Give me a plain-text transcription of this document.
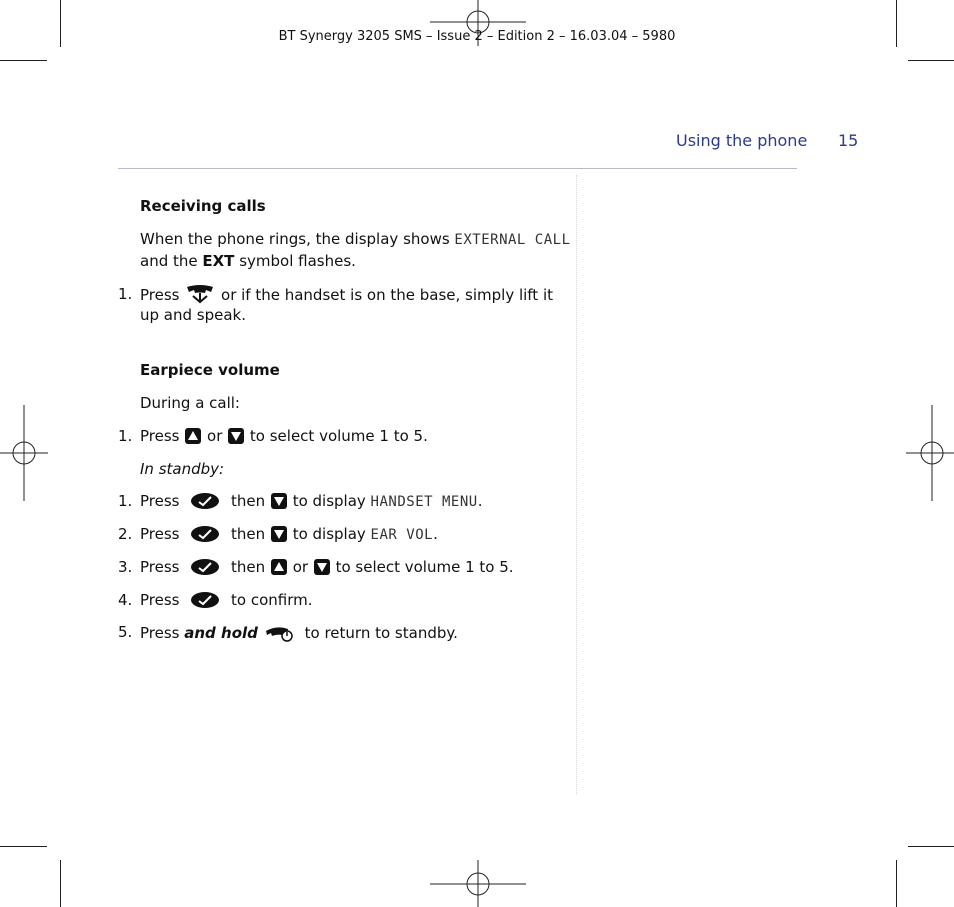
BT Synergy 3205 SMS – Issue 2 – Edition 2 – 16.03.04 – 5980
Using the phone 15
Receiving calls
When the phone rings, the display shows EXTERNAL CALL
and the EXT symbol flashes.
1. Press
or if the handset is on the base, simply lift it
up and speak.
Earpiece volume
During a call:
1. Press
or
to select volume 1 to 5.
In standby:
1. Press	then
to display HANDSET MENU.
2. Press	then
to display EAR VOL.
3. Press	then
or
to select volume 1 to 5.
4. Press	to confirm.
5. Press and hold	to return to standby.
